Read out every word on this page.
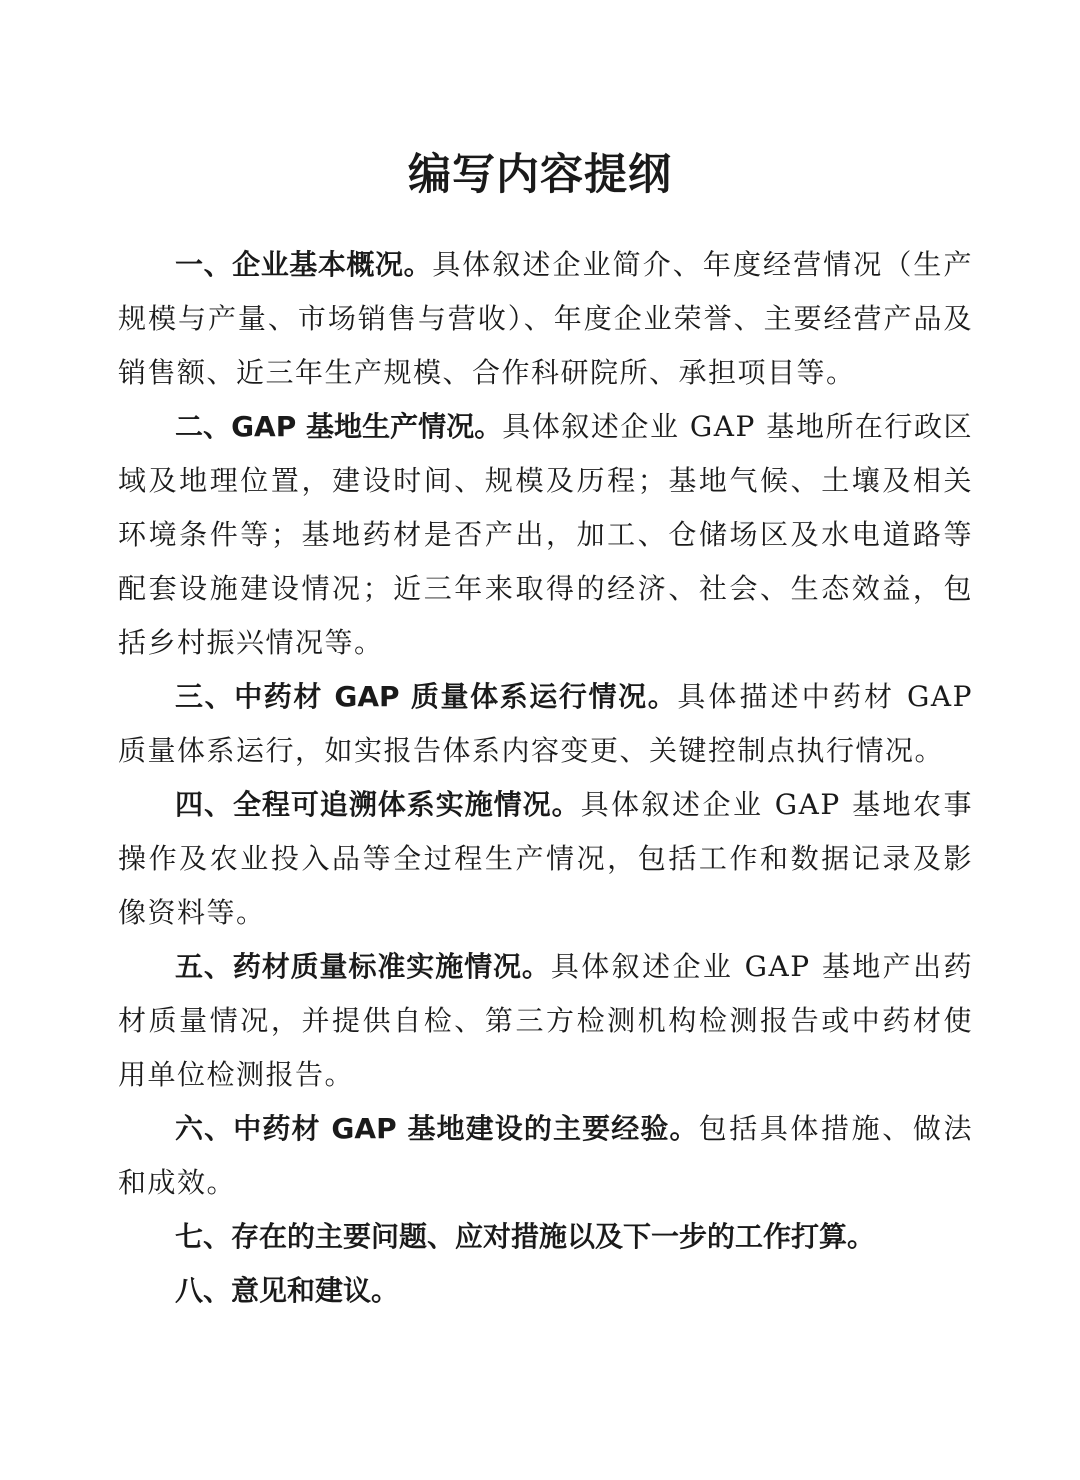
编写内容提纲

一、企业基本概况。具体叙述企业简介、年度经营情况（生产规模与产量、市场销售与营收）、年度企业荣誉、主要经营产品及销售额、近三年生产规模、合作科研院所、承担项目等。

二、GAP 基地生产情况。具体叙述企业 GAP 基地所在行政区域及地理位置，建设时间、规模及历程；基地气候、土壤及相关环境条件等；基地药材是否产出，加工、仓储场区及水电道路等配套设施建设情况；近三年来取得的经济、社会、生态效益，包括乡村振兴情况等。

三、中药材 GAP 质量体系运行情况。具体描述中药材 GAP 质量体系运行，如实报告体系内容变更、关键控制点执行情况。

四、全程可追溯体系实施情况。具体叙述企业 GAP 基地农事操作及农业投入品等全过程生产情况，包括工作和数据记录及影像资料等。

五、药材质量标准实施情况。具体叙述企业 GAP 基地产出药材质量情况，并提供自检、第三方检测机构检测报告或中药材使用单位检测报告。

六、中药材 GAP 基地建设的主要经验。包括具体措施、做法和成效。

七、存在的主要问题、应对措施以及下一步的工作打算。

八、意见和建议。
